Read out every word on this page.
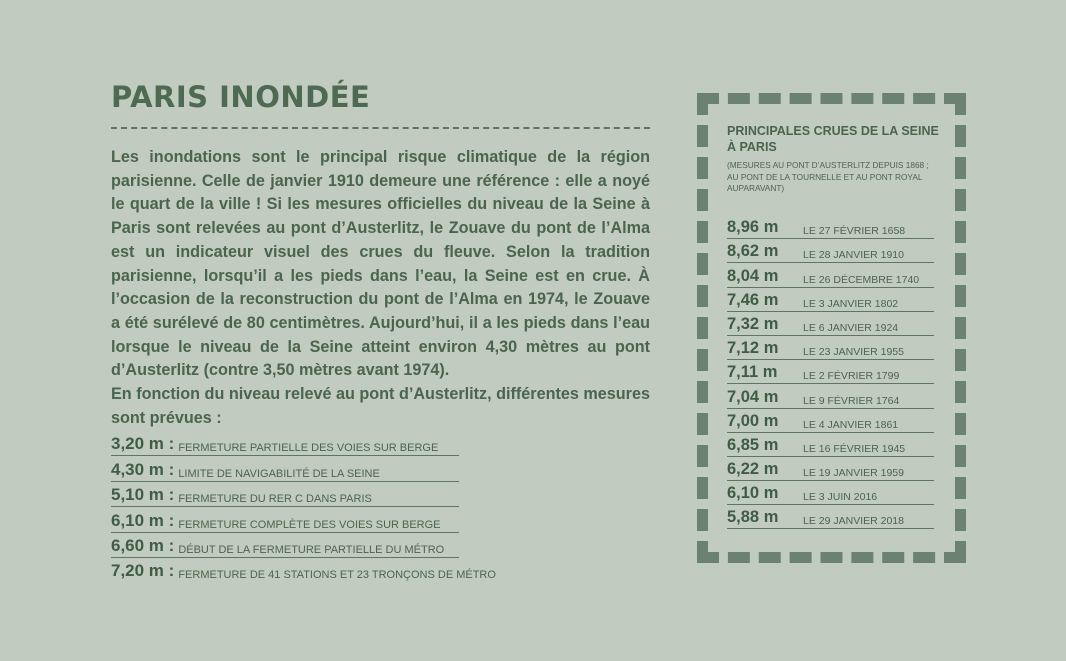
PARIS INONDÉE

Les inondations sont le principal risque climatique de la région parisienne. Celle de janvier 1910 demeure une référence : elle a noyé le quart de la ville ! Si les mesures officielles du niveau de la Seine à Paris sont relevées au pont d’Austerlitz, le Zouave du pont de l’Alma est un indicateur visuel des crues du fleuve. Selon la tradition parisienne, lorsqu’il a les pieds dans l’eau, la Seine est en crue. À l’occasion de la reconstruction du pont de l’Alma en 1974, le Zouave a été surélevé de 80 centimètres. Aujourd’hui, il a les pieds dans l’eau lorsque le niveau de la Seine atteint environ 4,30 mètres au pont d’Austerlitz (contre 3,50 mètres avant 1974).

En fonction du niveau relevé au pont d’Austerlitz, différentes mesures sont prévues :

3,20 m : FERMETURE PARTIELLE DES VOIES SUR BERGE
4,30 m : LIMITE DE NAVIGABILITÉ DE LA SEINE
5,10 m : FERMETURE DU RER C DANS PARIS
6,10 m : FERMETURE COMPLÈTE DES VOIES SUR BERGE
6,60 m : DÉBUT DE LA FERMETURE PARTIELLE DU MÉTRO
7,20 m : FERMETURE DE 41 STATIONS ET 23 TRONÇONS DE MÉTRO

PRINCIPALES CRUES DE LA SEINE À PARIS

(MESURES AU PONT D’AUSTERLITZ DEPUIS 1868 ; AU PONT DE LA TOURNELLE ET AU PONT ROYAL AUPARAVANT)

8,96 m	LE 27 FÉVRIER 1658
8,62 m	LE 28 JANVIER 1910
8,04 m	LE 26 DÉCEMBRE 1740
7,46 m	LE 3 JANVIER 1802
7,32 m	LE 6 JANVIER 1924
7,12 m	LE 23 JANVIER 1955
7,11 m	LE 2 FÉVRIER 1799
7,04 m	LE 9 FÉVRIER 1764
7,00 m	LE 4 JANVIER 1861
6,85 m	LE 16 FÉVRIER 1945
6,22 m	LE 19 JANVIER 1959
6,10 m	LE 3 JUIN 2016
5,88 m	LE 29 JANVIER 2018
